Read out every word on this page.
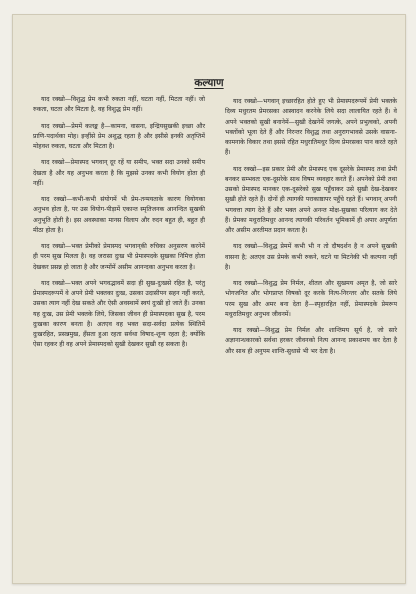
कल्याण

याद रक्खो—विशुद्ध प्रेम कभी रुकता नहीं, घटता नहीं, मिटता नहीं। जो रुकता, घटता और मिटता है, वह विशुद्ध प्रेम नहीं।

याद रक्खो—प्रेममें कलङ्क है—कामना, वासना, इन्द्रियसुखकी इच्छा और प्राणि-पदार्थका मोह। इन्हींसे प्रेम अशुद्ध रहता है और इसीसे इनकी अतृप्तिमें मोहवश रुकता, घटता और मिटता है।

याद रक्खो—प्रेमास्पद भगवान् दूर रहें या समीप, भक्त सदा उनको समीप देखता है और यह अनुभव करता है कि मुझसे उनका कभी वियोग होता ही नहीं।

याद रक्खो—कभी-कभी संयोगमें भी प्रेम-तन्मयताके कारण वियोगका अनुभव होता है, पर उस वियोग-पीड़ामें एकान्त स्मृतिजनक आनन्दित सुखकी अनुभूति होती है। इस अवस्थाका मानस विलाप और रुदन बहुत ही, बहुत ही मीठा होता है।

याद रक्खो—भक्त प्रेमीको प्रेमास्पद भगवान्‌की रुचिका अनुसरण करनेमें ही परम सुख मिलता है। वह जरासा दुःख भी प्रेमास्पदके सुखका निमित्त होता देखकर प्रसन्न हो जाता है और जन्मोंमें असीम आनन्दका अनुभव करता है।

याद रक्खो—भक्त अपने भगवद्भावमें सदा ही सुख-दुःखसे रहित है, परंतु प्रेमास्पदरूपमें वे अपने प्रेमी भक्तका दुःख, उसका उदासीपन सहन नहीं करते, उसका त्याग नहीं देख सकते और ऐसी अवस्थामें स्वयं दुःखी हो जाते हैं। उनका यह दुःख, उस प्रेमी भक्तके लिये, जिसका जीवन ही प्रेमास्पदका सुख है, परम दुःखका कारण बनता है। अतएव वह भक्त सदा-सर्वदा प्रत्येक स्थितिमें दुःखरहित, प्रसन्नमुख, हँसता हुआ रहता सर्वथा विषाद-शून्य रहता है; क्योंकि ऐसा रहकर ही वह अपने प्रेमास्पदको सुखी देखकर सुखी रह सकता है।

याद रक्खो—भगवान् इच्छारहित होते हुए भी प्रेमास्पदरूपमें प्रेमी भक्तके दिव्य मधुरतम प्रेमरसका आस्वादन करनेके लिये सदा लालायित रहते हैं। वे अपने भक्तको सुखी बनानेमें—सुखी देखनेमें जगत्के, अपने प्रभुत्वको, अपनी भक्तोंको भूला देते हैं और निरन्तर विशुद्ध तथा अनुरागभावसे उसके वासना-कामनाके विकार तथा इससे रहित मधुरातिमधुर दिव्य प्रेमरसका पान करते रहते हैं।

याद रक्खो—इस प्रकार प्रेमी और प्रेमास्पद एक दूसरेके प्रेमास्पद तथा प्रेमी बनकर सम्भवतः एक-दूसरेके साथ विषम व्यवहार करते हैं। अपनेको प्रेमी तथा उसको प्रेमास्पद मानकर एक-दूसरेको सुख पहुँचाकर उसे सुखी देख-देखकर सुखी होते रहते हैं। दोनों ही त्यागकी पराकाष्ठापर पहुँचे रहते हैं। भगवान् अपनी भगवत्ता त्याग देते हैं और भक्त अपने अनन्त मोक्ष-सुखका परित्याग कर देते हैं। प्रेमका मधुरातिमधुर आनन्द त्यागकी परिवर्तन भूमिकामें ही अपार अपूर्णता और असीम अरतीमत प्रदान करता है।

याद रक्खो—विशुद्ध प्रेममें कभी भी न तो दौषदर्शन है न अपने सुखकी वासना है; अतएव उस प्रेमके कभी रुकने, घटने या मिटनेकी भी कल्पना नहीं है।

याद रक्खो—विशुद्ध प्रेम निर्मल, शीतल और सुखमय अमृत है, जो सारे भोगजनित और भोगप्राप्त विषको दूर करके नित्य-निरन्तर और सतके लिये परम सुख और अमर बना देता है—स्पृहारहित नहीं, प्रेमास्पदके प्रेमरूप मधुरातिमधुर अनुभव जीवनमें।

याद रक्खो—विशुद्ध प्रेम निर्मल और शान्तिमय सूर्य है, जो सारे अज्ञानान्धकारको सर्वथा हरकर जीवनको नित्य आनन्द प्रकाशमय कर देता है और साथ ही अनुपम शान्ति-सुधासे भी भर देता है।
